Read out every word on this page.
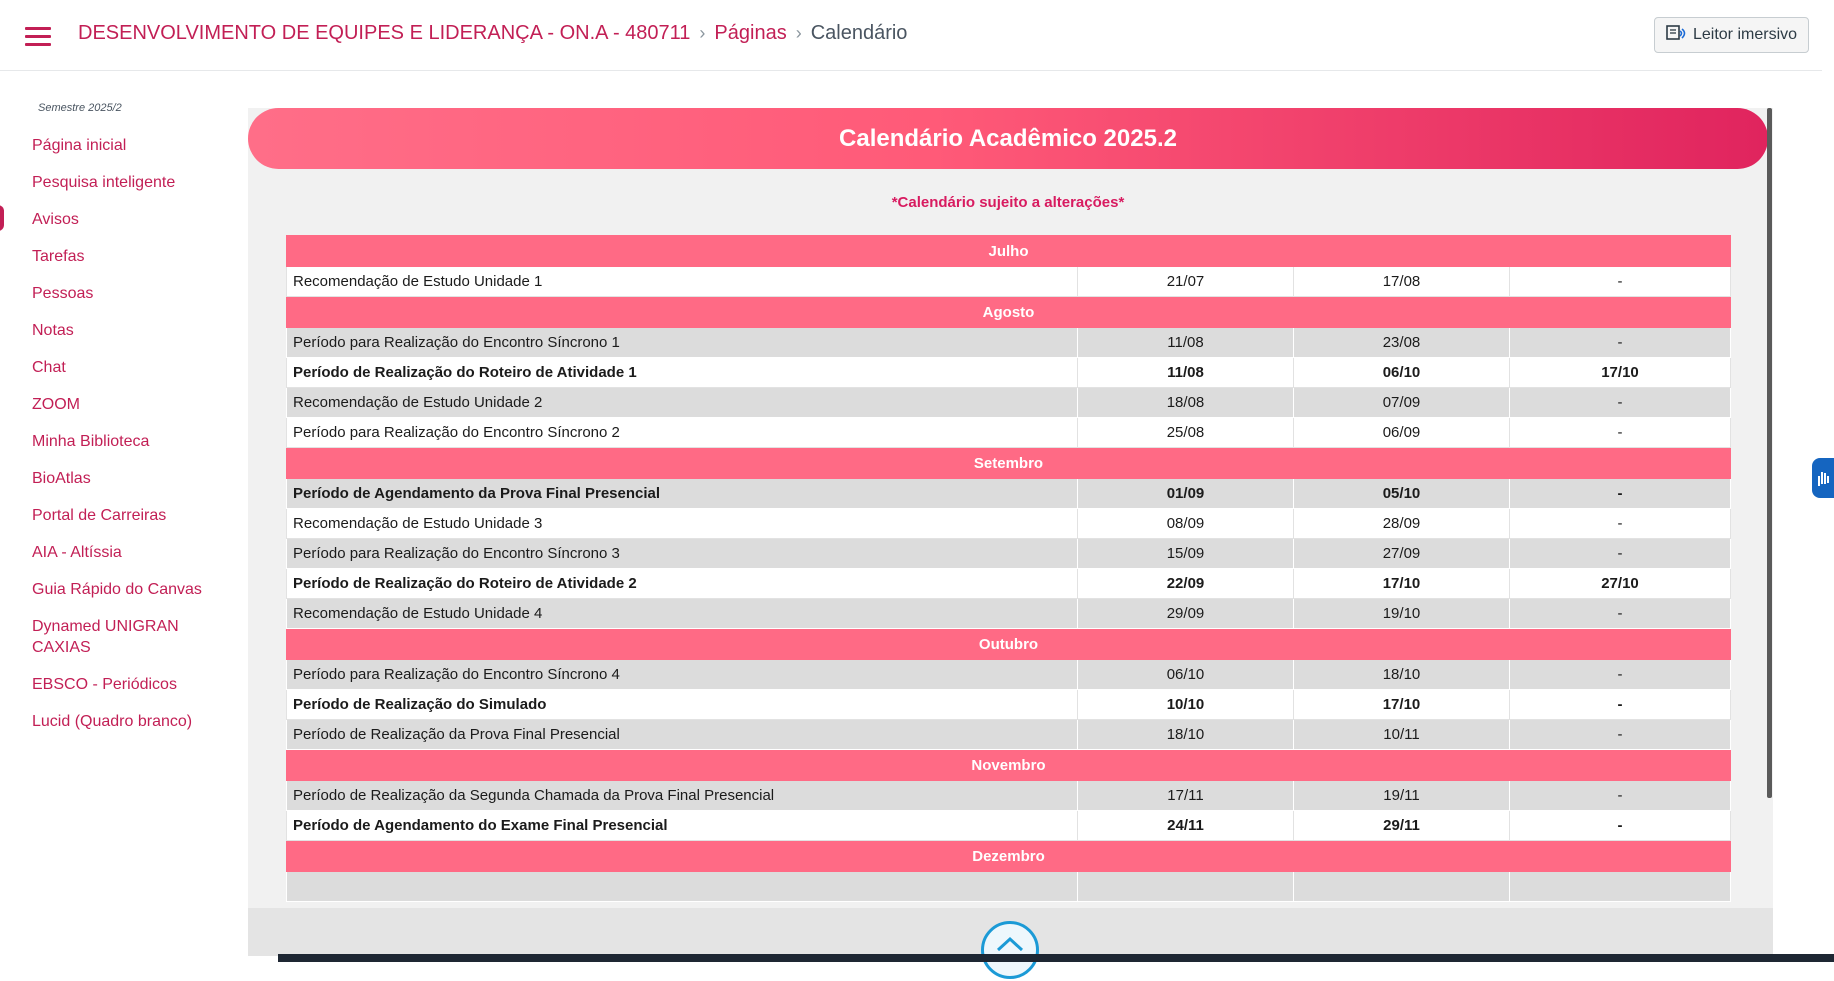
DESENVOLVIMENTO DE EQUIPES E LIDERANÇA - ON.A - 480711 › Páginas › Calendário	Leitor imersivo
Semestre 2025/2
Página inicial
Pesquisa inteligente
Avisos
Tarefas
Pessoas
Notas
Chat
ZOOM
Minha Biblioteca
BioAtlas
Portal de Carreiras
AIA - Altíssia
Guia Rápido do Canvas
Dynamed UNIGRAN CAXIAS
EBSCO - Periódicos
Lucid (Quadro branco)
Calendário Acadêmico 2025.2
*Calendário sujeito a alterações*
Julho			
Recomendação de Estudo Unidade 1	21/07	17/08	-
Agosto			
Período para Realização do Encontro Síncrono 1	11/08	23/08	-
Período de Realização do Roteiro de Atividade 1	11/08	06/10	17/10
Recomendação de Estudo Unidade 2	18/08	07/09	-
Período para Realização do Encontro Síncrono 2	25/08	06/09	-
Setembro			
Período de Agendamento da Prova Final Presencial	01/09	05/10	-
Recomendação de Estudo Unidade 3	08/09	28/09	-
Período para Realização do Encontro Síncrono 3	15/09	27/09	-
Período de Realização do Roteiro de Atividade 2	22/09	17/10	27/10
Recomendação de Estudo Unidade 4	29/09	19/10	-
Outubro			
Período para Realização do Encontro Síncrono 4	06/10	18/10	-
Período de Realização do Simulado	10/10	17/10	-
Período de Realização da Prova Final Presencial	18/10	10/11	-
Novembro			
Período de Realização da Segunda Chamada da Prova Final Presencial	17/11	19/11	-
Período de Agendamento do Exame Final Presencial	24/11	29/11	-
Dezembro			
